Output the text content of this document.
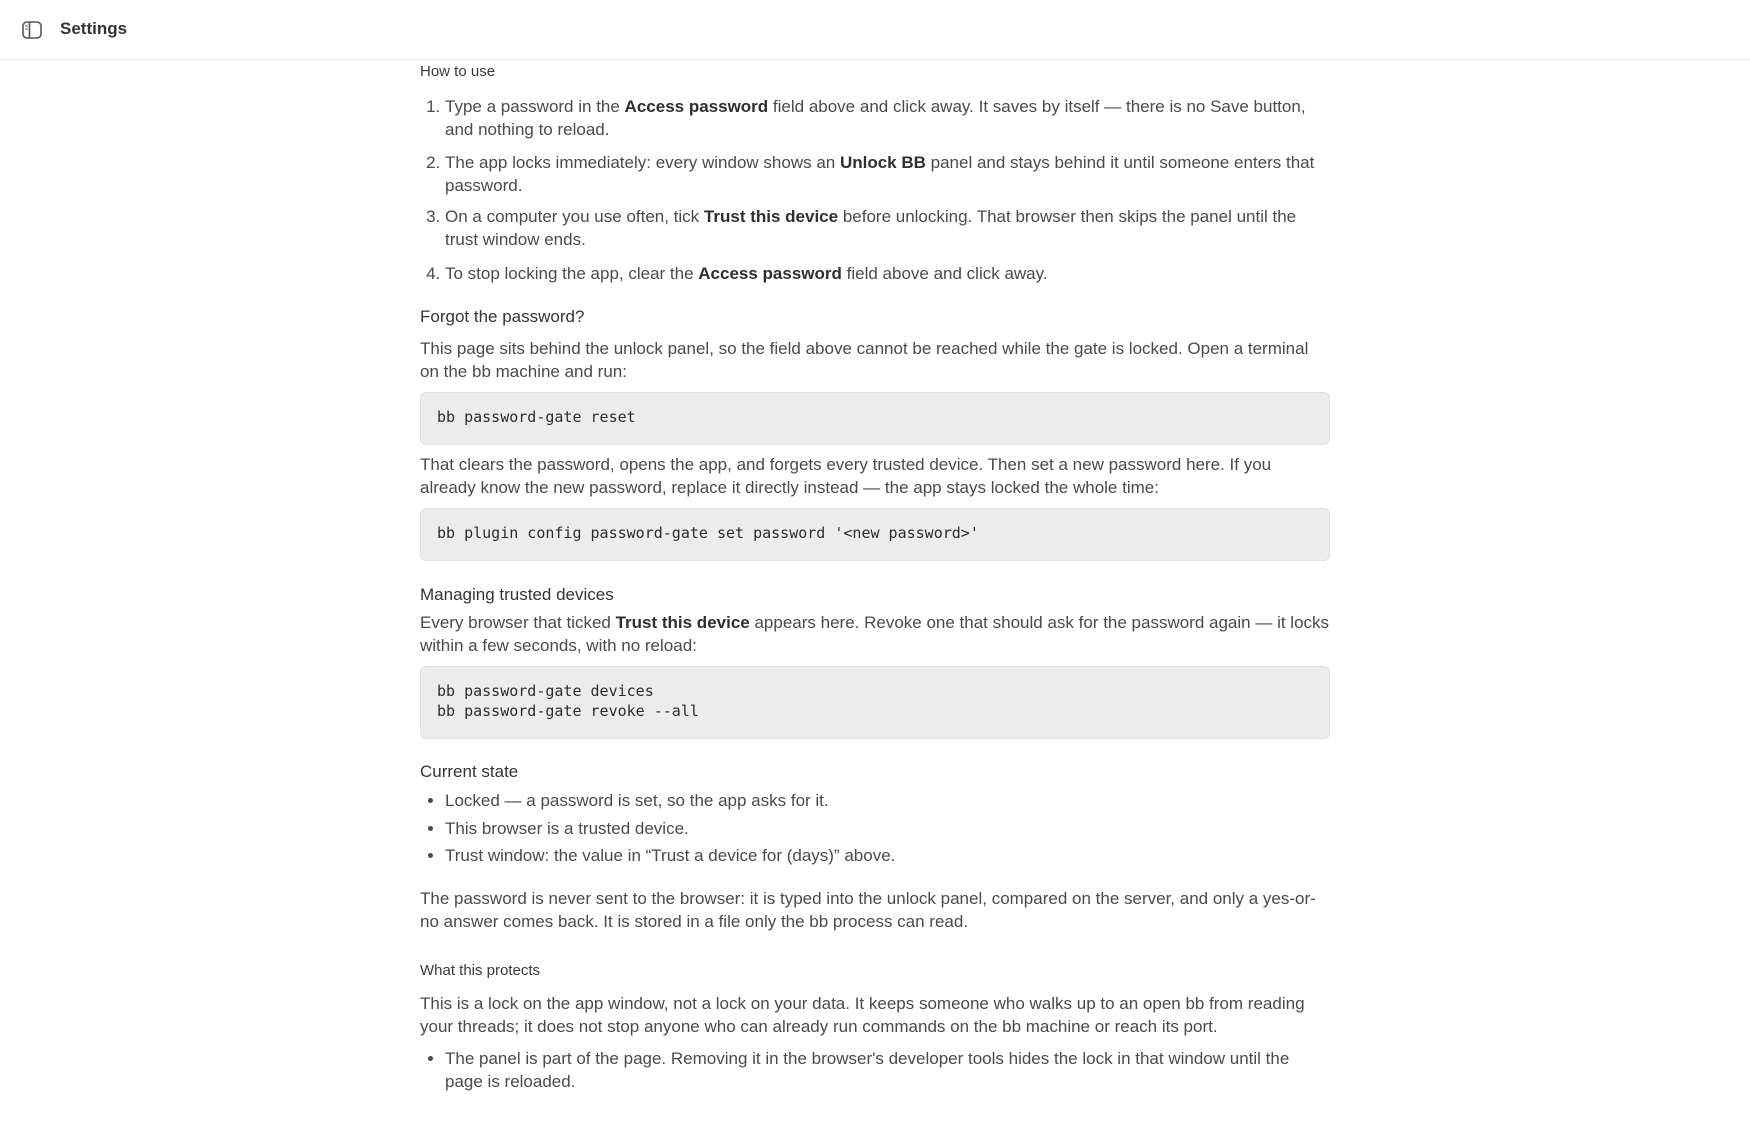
Settings
How to use
1. Type a password in the Access password field above and click away. It saves by itself — there is no Save button, and nothing to reload.
2. The app locks immediately: every window shows an Unlock BB panel and stays behind it until someone enters that password.
3. On a computer you use often, tick Trust this device before unlocking. That browser then skips the panel until the trust window ends.
4. To stop locking the app, clear the Access password field above and click away.
Forgot the password?

This page sits behind the unlock panel, so the field above cannot be reached while the gate is locked. Open a terminal on the bb machine and run:

bb password-gate reset

That clears the password, opens the app, and forgets every trusted device. Then set a new password here. If you already know the new password, replace it directly instead — the app stays locked the whole time:

bb plugin config password-gate set password '<new password>'
Managing trusted devices

Every browser that ticked Trust this device appears here. Revoke one that should ask for the password again — it locks within a few seconds, with no reload:

bb password-gate devices
bb password-gate revoke --all
Current state
• Locked — a password is set, so the app asks for it.
• This browser is a trusted device.
• Trust window: the value in “Trust a device for (days)” above.

The password is never sent to the browser: it is typed into the unlock panel, compared on the server, and only a yes-or-no answer comes back. It is stored in a file only the bb process can read.

What this protects

This is a lock on the app window, not a lock on your data. It keeps someone who walks up to an open bb from reading your threads; it does not stop anyone who can already run commands on the bb machine or reach its port.

• The panel is part of the page. Removing it in the browser's developer tools hides the lock in that window until the page is reloaded.
